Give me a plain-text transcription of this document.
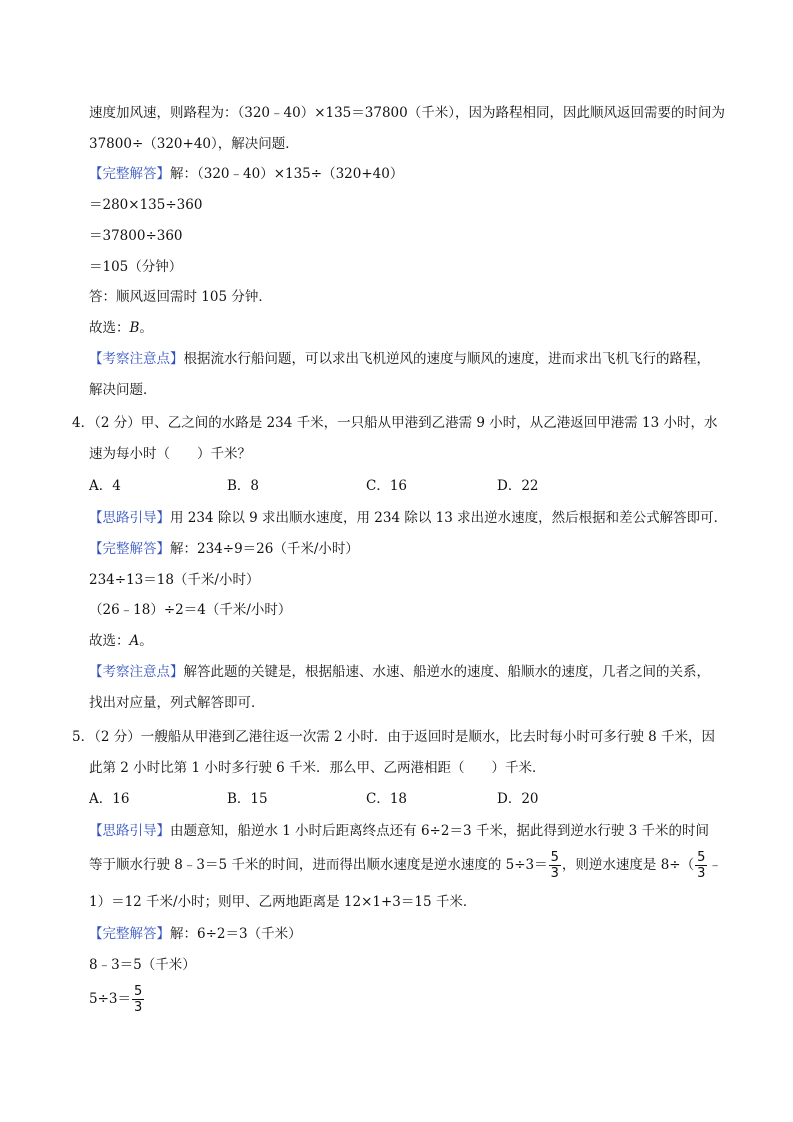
速度加风速，则路程为：（320﹣40）×135＝37800（千米），因为路程相同，因此顺风返回需要的时间为
37800÷（320+40），解决问题．
【完整解答】解：（320﹣40）×135÷（320+40）
＝280×135÷360
＝37800÷360
＝105（分钟）
答：顺风返回需时 105 分钟．
故选：B。
【考察注意点】根据流水行船问题，可以求出飞机逆风的速度与顺风的速度，进而求出飞机飞行的路程，
解决问题．
4．（2 分）甲、乙之间的水路是 234 千米，一只船从甲港到乙港需 9 小时，从乙港返回甲港需 13 小时，水
速为每小时（　　）千米？
A．4	B．8	C．16	D．22
【思路引导】用 234 除以 9 求出顺水速度，用 234 除以 13 求出逆水速度，然后根据和差公式解答即可．
【完整解答】解：234÷9＝26（千米/小时）
234÷13＝18（千米/小时）
（26﹣18）÷2＝4（千米/小时）
故选：A。
【考察注意点】解答此题的关键是，根据船速、水速、船逆水的速度、船顺水的速度，几者之间的关系，
找出对应量，列式解答即可．
5．（2 分）一艘船从甲港到乙港往返一次需 2 小时．由于返回时是顺水，比去时每小时可多行驶 8 千米，因
此第 2 小时比第 1 小时多行驶 6 千米．那么甲、乙两港相距（　　）千米．
A．16	B．15	C．18	D．20
【思路引导】由题意知，船逆水 1 小时后距离终点还有 6÷2＝3 千米，据此得到逆水行驶 3 千米的时间
等于顺水行驶 8﹣3＝5 千米的时间，进而得出顺水速度是逆水速度的 $5\div 3= \frac{5}{3}$ ，则逆水速度是 $8\div( \frac{5}{3}$ ﹣
1）＝12 千米/小时；则甲、乙两地距离是 12×1+3＝15 千米．
【完整解答】解：6÷2＝3（千米）
8﹣3＝5（千米）
$5\div 3= \frac{5}{3}$
